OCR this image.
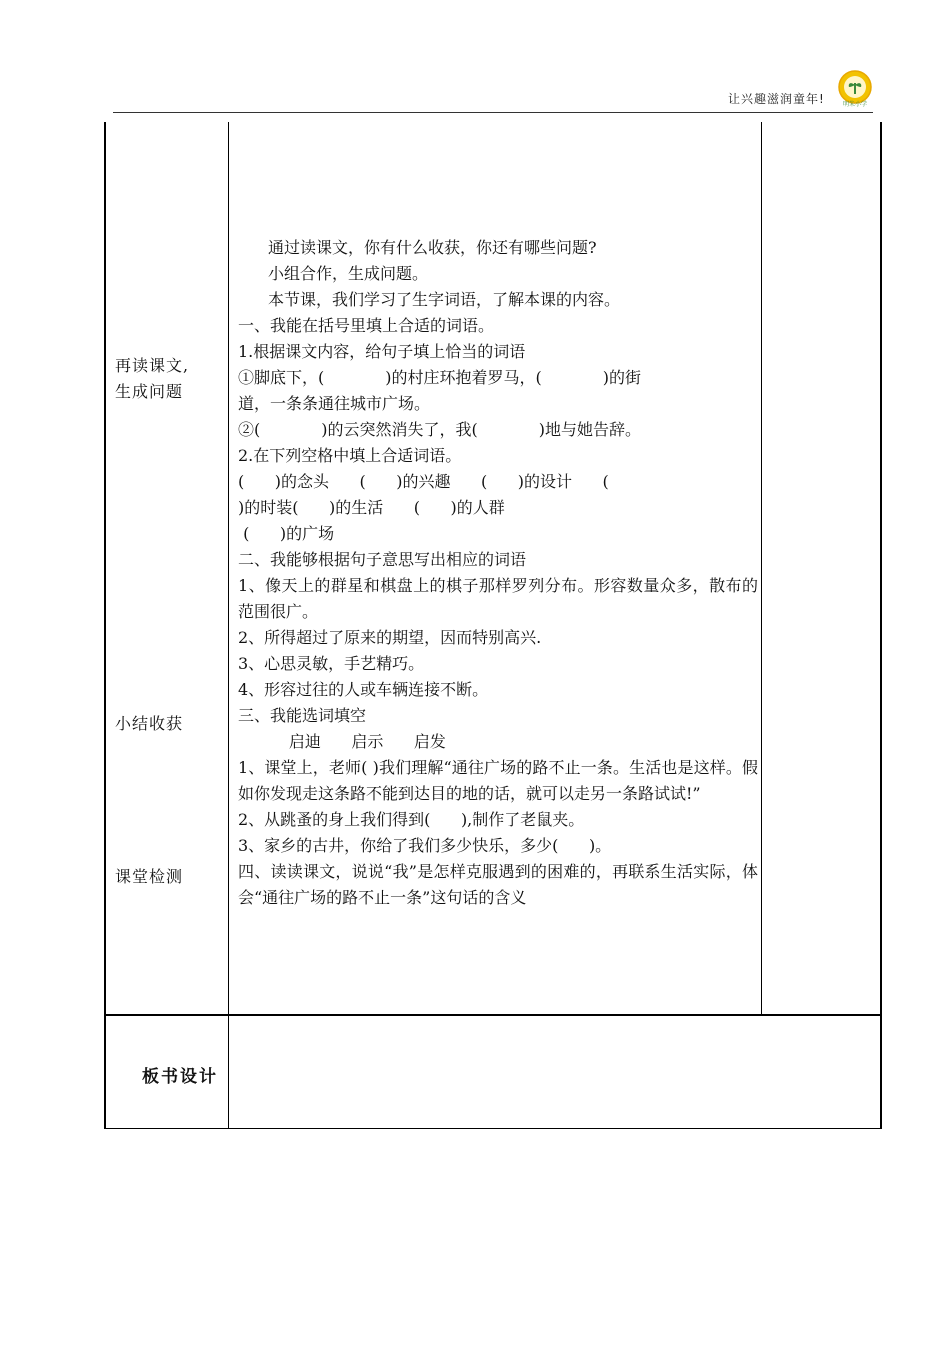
让兴趣滋润童年!	明朱小学
再读课文,
生成问题
小结收获
课堂检测
板书设计

通过读课文，你有什么收获，你还有哪些问题?

小组合作，生成问题。

本节课，我们学习了生字词语，了解本课的内容。

一、我能在括号里填上合适的词语。

1.根据课文内容，给句子填上恰当的词语

①脚底下，(            )的村庄环抱着罗马，(            )的街

道，一条条通往城市广场。

②(            )的云突然消失了，我(            )地与她告辞。

2.在下列空格中填上合适词语。

(      )的念头      (      )的兴趣      (      )的设计      (

)的时装(      )的生活      (      )的人群

(      )的广场

二、我能够根据句子意思写出相应的词语

1、像天上的群星和棋盘上的棋子那样罗列分布。形容数量众多，散布的范围很广。

2、所得超过了原来的期望，因而特别高兴.

3、心思灵敏，手艺精巧。

4、形容过往的人或车辆连接不断。

三、我能选词填空

启迪      启示      启发

1、课堂上，老师( )我们理解“通往广场的路不止一条。生活也是这样。假如你发现走这条路不能到达目的地的话，就可以走另一条路试试!”

2、从跳蚤的身上我们得到(      ),制作了老鼠夹。

3、家乡的古井，你给了我们多少快乐，多少(      )。

四、读读课文，说说“我”是怎样克服遇到的困难的，再联系生活实际，体会“通往广场的路不止一条”这句话的含义
